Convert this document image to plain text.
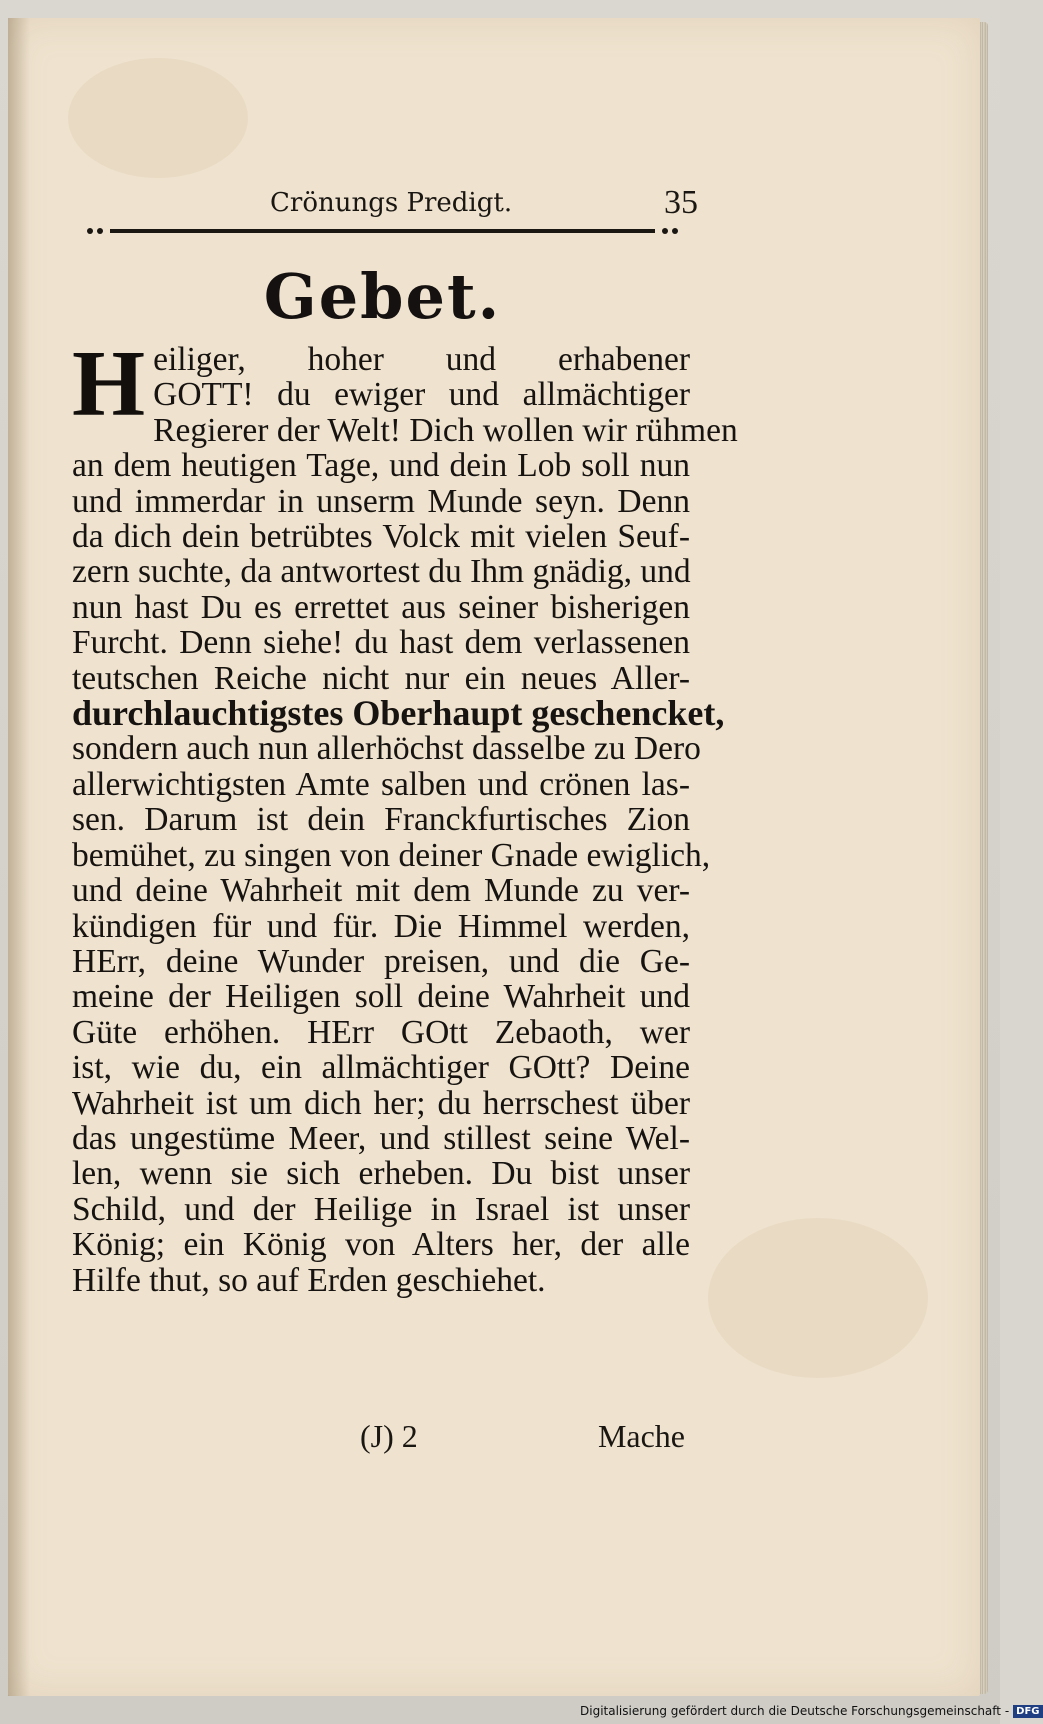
Crönungs Predigt.	35
Gebet.
H eiliger, hoher und erhabener
GOTT! du ewiger und allmächtiger
Regierer der Welt! Dich wollen wir rühmen
an dem heutigen Tage, und dein Lob soll nun
und immerdar in unserm Munde seyn. Denn
da dich dein betrübtes Volck mit vielen Seuf-
zern suchte, da antwortest du Ihm gnädig, und
nun hast Du es errettet aus seiner bisherigen
Furcht. Denn siehe! du hast dem verlassenen
teutschen Reiche nicht nur ein neues Aller-
durchlauchtigstes Oberhaupt geschencket,
sondern auch nun allerhöchst dasselbe zu Dero
allerwichtigsten Amte salben und crönen las-
sen. Darum ist dein Franckfurtisches Zion
bemühet, zu singen von deiner Gnade ewiglich,
und deine Wahrheit mit dem Munde zu ver-
kündigen für und für. Die Himmel werden,
HErr, deine Wunder preisen, und die Ge-
meine der Heiligen soll deine Wahrheit und
Güte erhöhen. HErr GOtt Zebaoth, wer
ist, wie du, ein allmächtiger GOtt? Deine
Wahrheit ist um dich her; du herrschest über
das ungestüme Meer, und stillest seine Wel-
len, wenn sie sich erheben. Du bist unser
Schild, und der Heilige in Israel ist unser
König; ein König von Alters her, der alle
Hilfe thut, so auf Erden geschiehet.
(J) 2	Mache
Digitalisierung gefördert durch die Deutsche Forschungsgemeinschaft - DFG
